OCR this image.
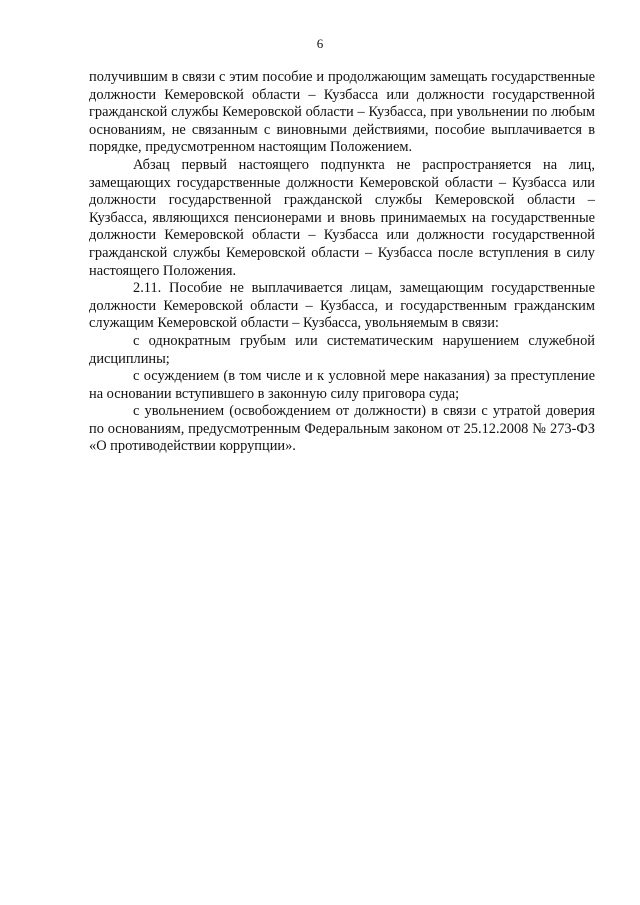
6

получившим в связи с этим пособие и продолжающим замещать государственные должности Кемеровской области – Кузбасса или должности государственной гражданской службы Кемеровской области – Кузбасса, при увольнении по любым основаниям, не связанным с виновными действиями, пособие выплачивается в порядке, предусмотренном настоящим Положением.

Абзац первый настоящего подпункта не распространяется на лиц, замещающих государственные должности Кемеровской области – Кузбасса или должности государственной гражданской службы Кемеровской области – Кузбасса, являющихся пенсионерами и вновь принимаемых на государственные должности Кемеровской области – Кузбасса или должности государственной гражданской службы Кемеровской области – Кузбасса после вступления в силу настоящего Положения.

2.11. Пособие не выплачивается лицам, замещающим государственные должности Кемеровской области – Кузбасса, и государственным гражданским служащим Кемеровской области – Кузбасса, увольняемым в связи:

с однократным грубым или систематическим нарушением служебной дисциплины;

с осуждением (в том числе и к условной мере наказания) за преступление на основании вступившего в законную силу приговора суда;

с увольнением (освобождением от должности) в связи с утратой доверия по основаниям, предусмотренным Федеральным законом от 25.12.2008 № 273-ФЗ «О противодействии коррупции».
